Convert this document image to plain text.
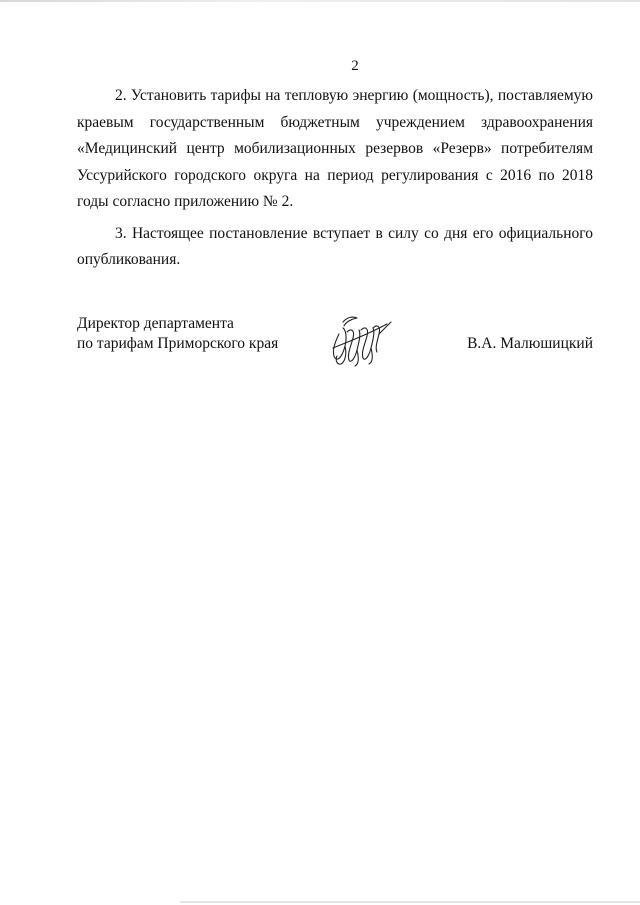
2

2. Установить тарифы на тепловую энергию (мощность), поставляемую краевым государственным бюджетным учреждением здравоохранения «Медицинский центр мобилизационных резервов «Резерв» потребителям Уссурийского городского округа на период регулирования с 2016 по 2018 годы согласно приложению № 2.

3. Настоящее постановление вступает в силу со дня его официального опубликования.

Директор департамента
по тарифам Приморского края	В.А. Малюшицкий
